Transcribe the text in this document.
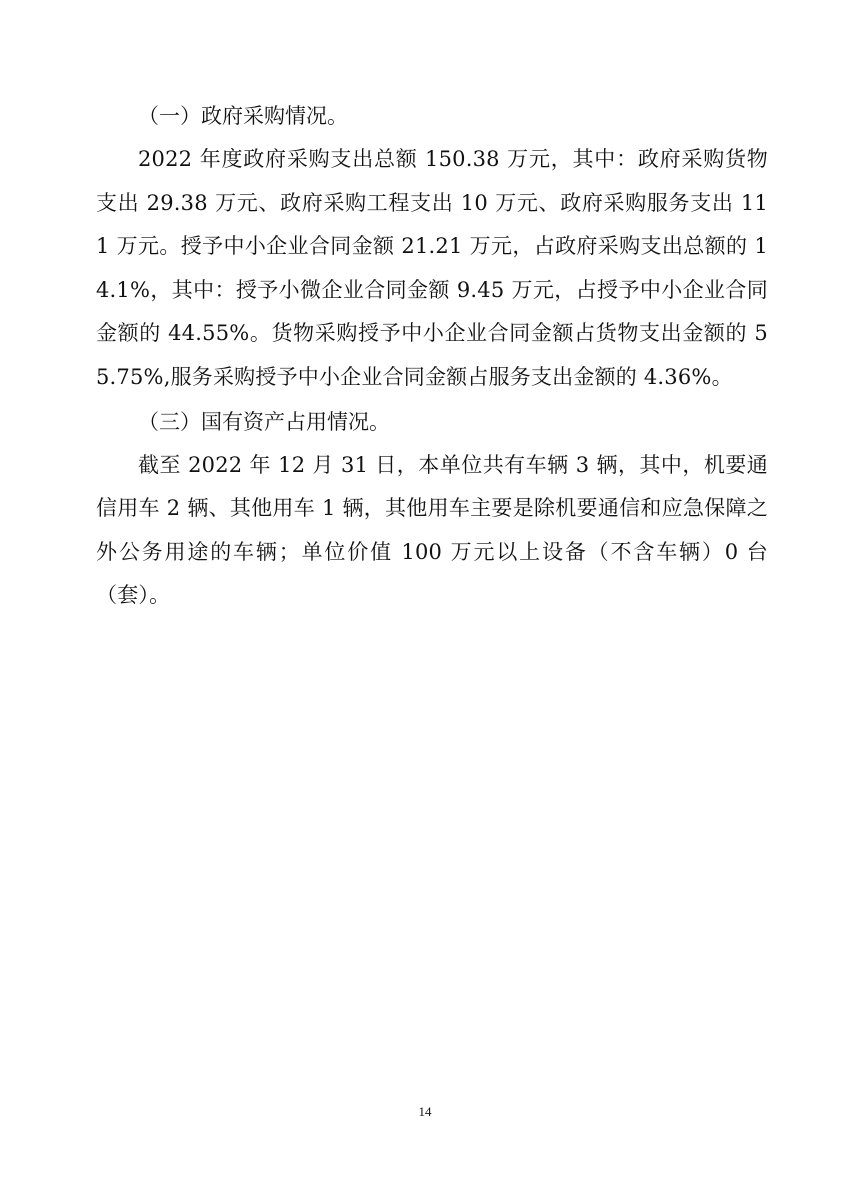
（一）政府采购情况。

2022 年度政府采购支出总额 150.38 万元，其中：政府采购货物支出 29.38 万元、政府采购工程支出 10 万元、政府采购服务支出 111 万元。授予中小企业合同金额 21.21 万元，占政府采购支出总额的 14.1%，其中：授予小微企业合同金额 9.45 万元，占授予中小企业合同金额的 44.55%。货物采购授予中小企业合同金额占货物支出金额的 55.75%,服务采购授予中小企业合同金额占服务支出金额的 4.36%。

（三）国有资产占用情况。

截至 2022 年 12 月 31 日，本单位共有车辆 3 辆，其中，机要通信用车 2 辆、其他用车 1 辆，其他用车主要是除机要通信和应急保障之外公务用途的车辆；单位价值 100 万元以上设备（不含车辆）0 台（套）。

14
